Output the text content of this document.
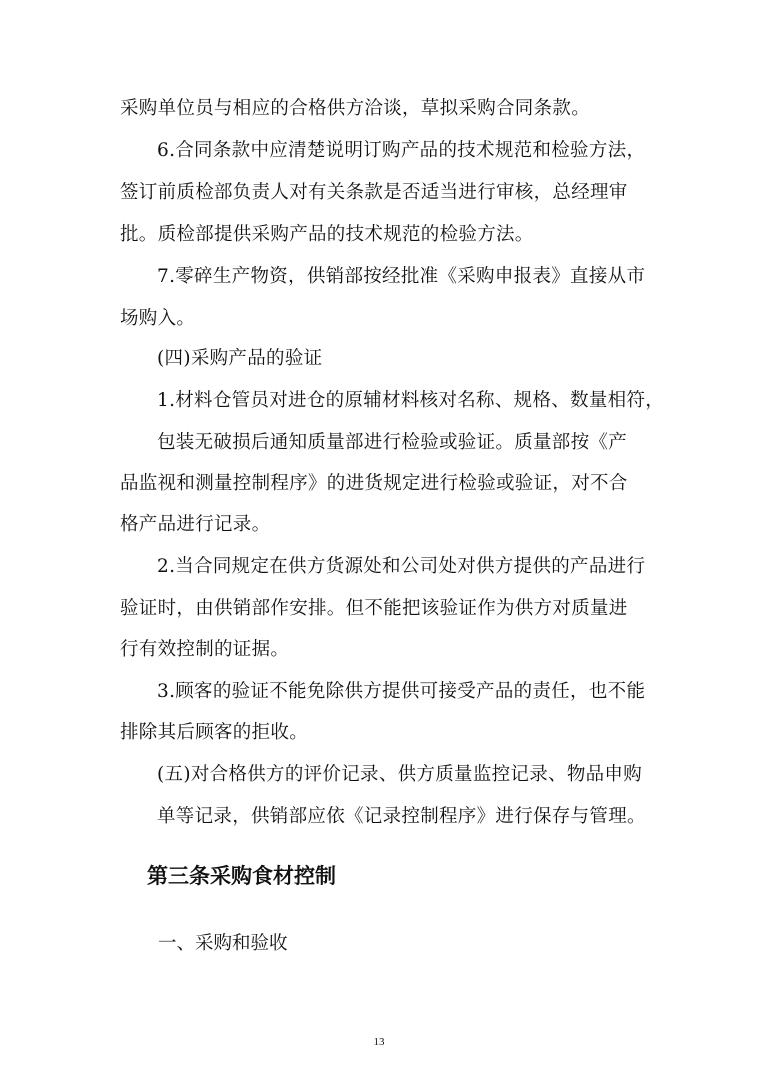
采购单位员与相应的合格供方洽谈，草拟采购合同条款。
6.合同条款中应清楚说明订购产品的技术规范和检验方法，
签订前质检部负责人对有关条款是否适当进行审核，总经理审
批。质检部提供采购产品的技术规范的检验方法。
7.零碎生产物资，供销部按经批准《采购申报表》直接从市
场购入。
(四)采购产品的验证
1.材料仓管员对进仓的原辅材料核对名称、规格、数量相符，
包装无破损后通知质量部进行检验或验证。质量部按《产
品监视和测量控制程序》的进货规定进行检验或验证，对不合
格产品进行记录。
2.当合同规定在供方货源处和公司处对供方提供的产品进行
验证时，由供销部作安排。但不能把该验证作为供方对质量进
行有效控制的证据。
3.顾客的验证不能免除供方提供可接受产品的责任，也不能
排除其后顾客的拒收。
(五)对合格供方的评价记录、供方质量监控记录、物品申购
单等记录，供销部应依《记录控制程序》进行保存与管理。
第三条采购食材控制
一、采购和验收
13
